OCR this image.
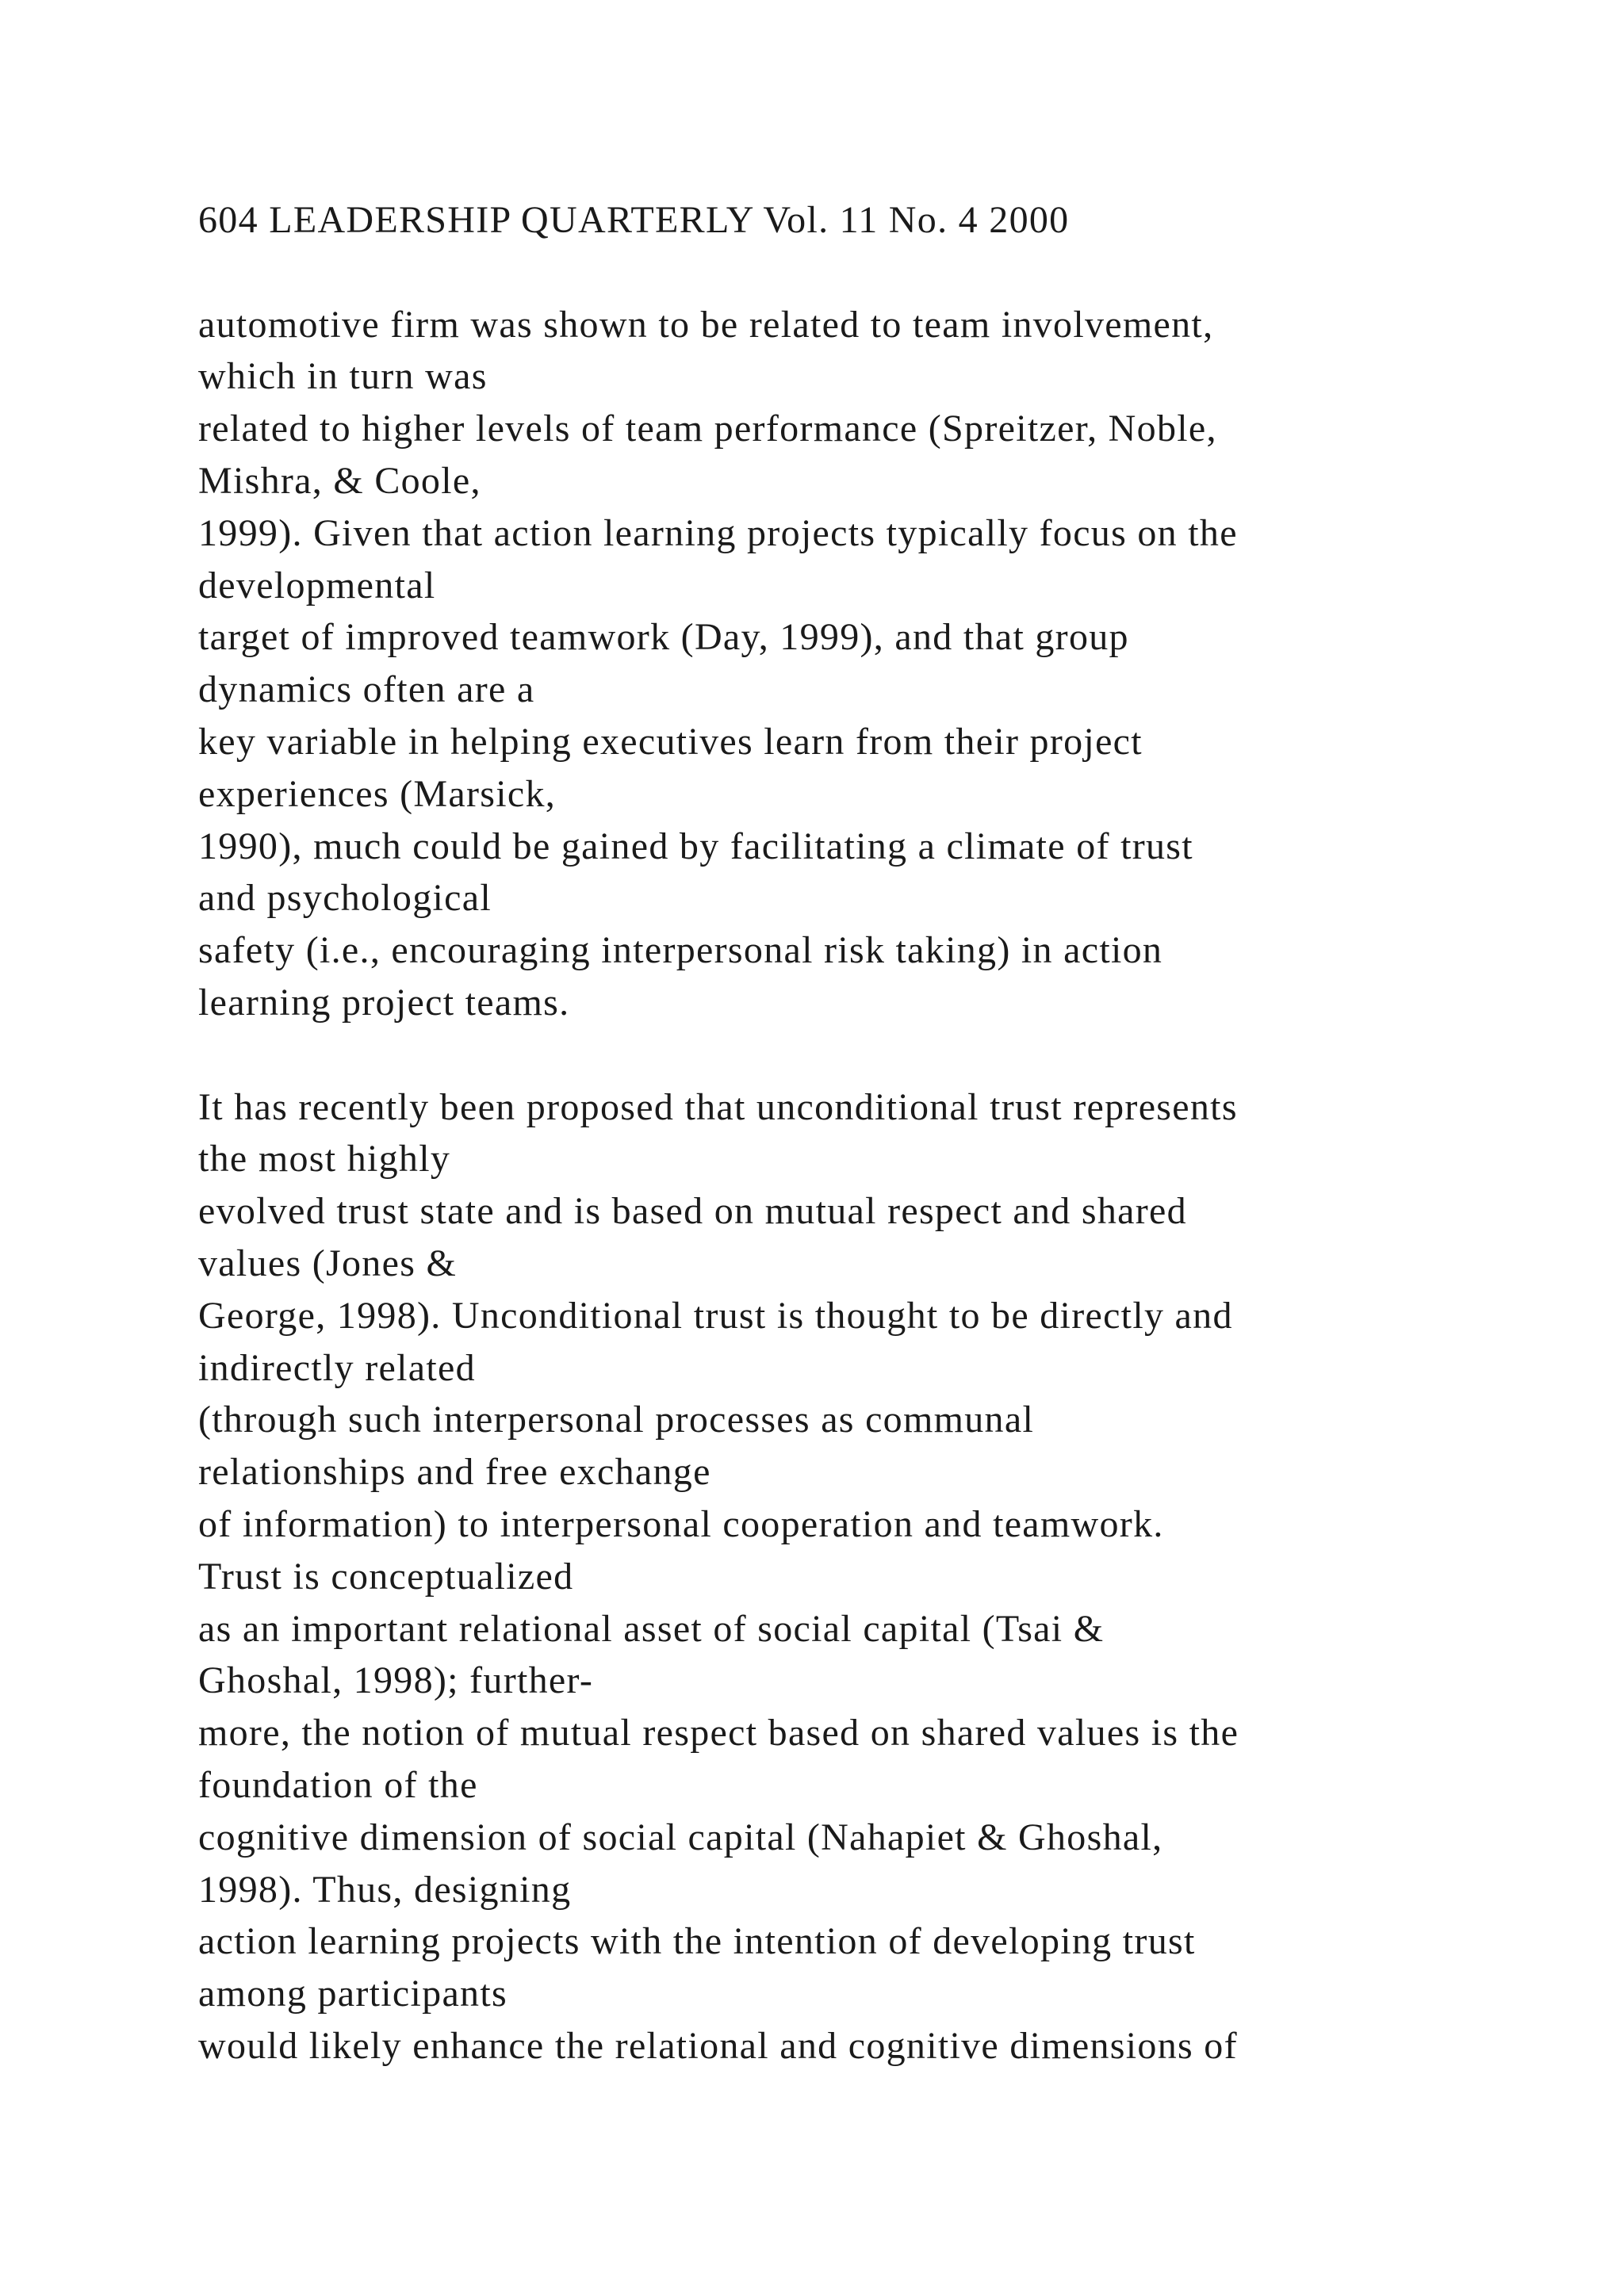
604 LEADERSHIP QUARTERLY Vol. 11 No. 4 2000
automotive firm was shown to be related to team involvement,
which in turn was
related to higher levels of team performance (Spreitzer, Noble,
Mishra, & Coole,
1999). Given that action learning projects typically focus on the
developmental
target of improved teamwork (Day, 1999), and that group
dynamics often are a
key variable in helping executives learn from their project
experiences (Marsick,
1990), much could be gained by facilitating a climate of trust
and psychological
safety (i.e., encouraging interpersonal risk taking) in action
learning project teams.
It has recently been proposed that unconditional trust represents
the most highly
evolved trust state and is based on mutual respect and shared
values (Jones &
George, 1998). Unconditional trust is thought to be directly and
indirectly related
(through such interpersonal processes as communal
relationships and free exchange
of information) to interpersonal cooperation and teamwork.
Trust is conceptualized
as an important relational asset of social capital (Tsai &
Ghoshal, 1998); further-
more, the notion of mutual respect based on shared values is the
foundation of the
cognitive dimension of social capital (Nahapiet & Ghoshal,
1998). Thus, designing
action learning projects with the intention of developing trust
among participants
would likely enhance the relational and cognitive dimensions of
